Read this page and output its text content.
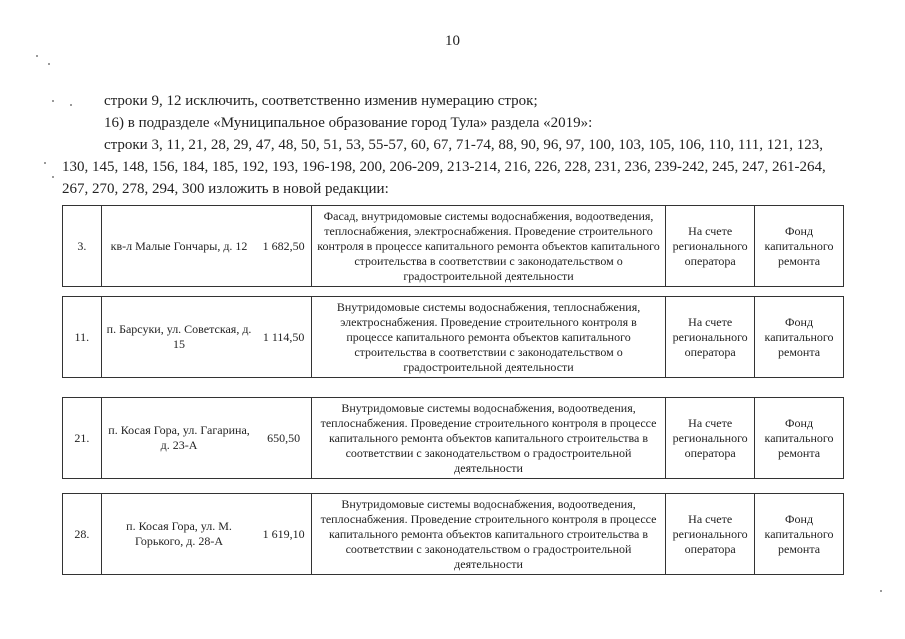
10
строки 9, 12 исключить, соответственно изменив нумерацию строк;
16) в подразделе «Муниципальное образование город Тула» раздела «2019»:
строки 3, 11, 21, 28, 29, 47, 48, 50, 51, 53, 55-57, 60, 67, 71-74, 88, 90, 96, 97, 100, 103, 105, 106, 110, 111, 121, 123,
130, 145, 148, 156, 184, 185, 192, 193, 196-198, 200, 206-209, 213-214, 216, 226, 228, 231, 236, 239-242, 245, 247, 261-264,
267, 270, 278, 294, 300 изложить в новой редакции:
3.	кв-л Малые Гончары, д. 12	1 682,50	Фасад, внутридомовые системы водоснабжения, водоотведения, теплоснабжения, электроснабжения. Проведение строительного контроля в процессе капитального ремонта объектов капитального строительства в соответствии с законодательством о градостроительной деятельности	На счете регионального оператора	Фонд капитального ремонта
11.	п. Барсуки, ул. Советская, д. 15	1 114,50	Внутридомовые системы водоснабжения, теплоснабжения, электроснабжения. Проведение строительного контроля в процессе капитального ремонта объектов капитального строительства в соответствии с законодательством о градостроительной деятельности	На счете регионального оператора	Фонд капитального ремонта
21.	п. Косая Гора, ул. Гагарина, д. 23-А	650,50	Внутридомовые системы водоснабжения, водоотведения, теплоснабжения. Проведение строительного контроля в процессе капитального ремонта объектов капитального строительства в соответствии с законодательством о градостроительной деятельности	На счете регионального оператора	Фонд капитального ремонта
28.	п. Косая Гора, ул. М. Горького, д. 28-А	1 619,10	Внутридомовые системы водоснабжения, водоотведения, теплоснабжения. Проведение строительного контроля в процессе капитального ремонта объектов капитального строительства в соответствии с законодательством о градостроительной деятельности	На счете регионального оператора	Фонд капитального ремонта
